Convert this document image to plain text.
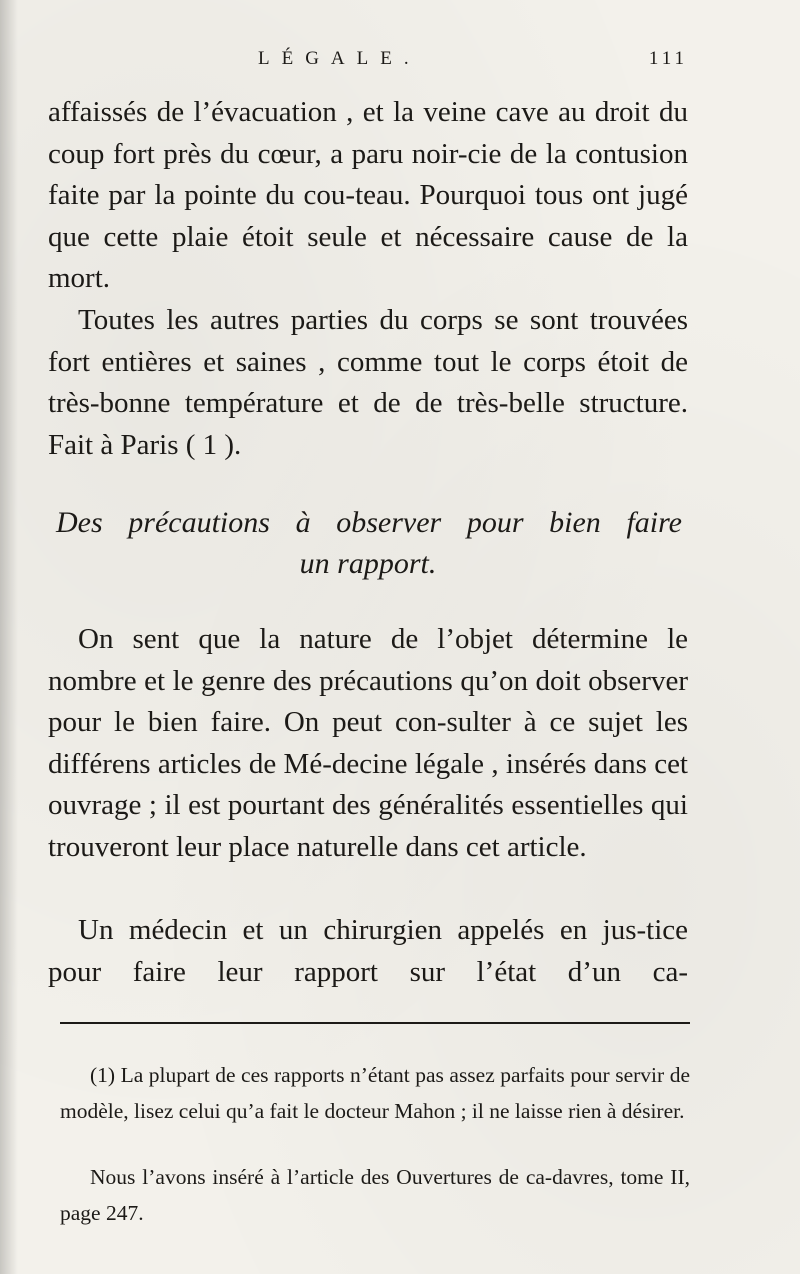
LÉGALE.	111

affaissés de l’évacuation , et la veine cave au droit du coup fort près du cœur, a paru noir-cie de la contusion faite par la pointe du cou-teau. Pourquoi tous ont jugé que cette plaie étoit seule et nécessaire cause de la mort.

Toutes les autres parties du corps se sont trouvées fort entières et saines , comme tout le corps étoit de très-bonne température et de de très-belle structure. Fait à Paris ( 1 ).

Des précautions à observer pour bien faire
un rapport.

On sent que la nature de l’objet détermine le nombre et le genre des précautions qu’on doit observer pour le bien faire. On peut con-sulter à ce sujet les différens articles de Mé-decine légale , insérés dans cet ouvrage ; il est pourtant des généralités essentielles qui trouveront leur place naturelle dans cet article.

Un médecin et un chirurgien appelés en jus-tice pour faire leur rapport sur l’état d’un ca-

(1) La plupart de ces rapports n’étant pas assez parfaits pour servir de modèle, lisez celui qu’a fait le docteur Mahon ; il ne laisse rien à désirer.

Nous l’avons inséré à l’article des Ouvertures de ca-davres, tome II, page 247.
